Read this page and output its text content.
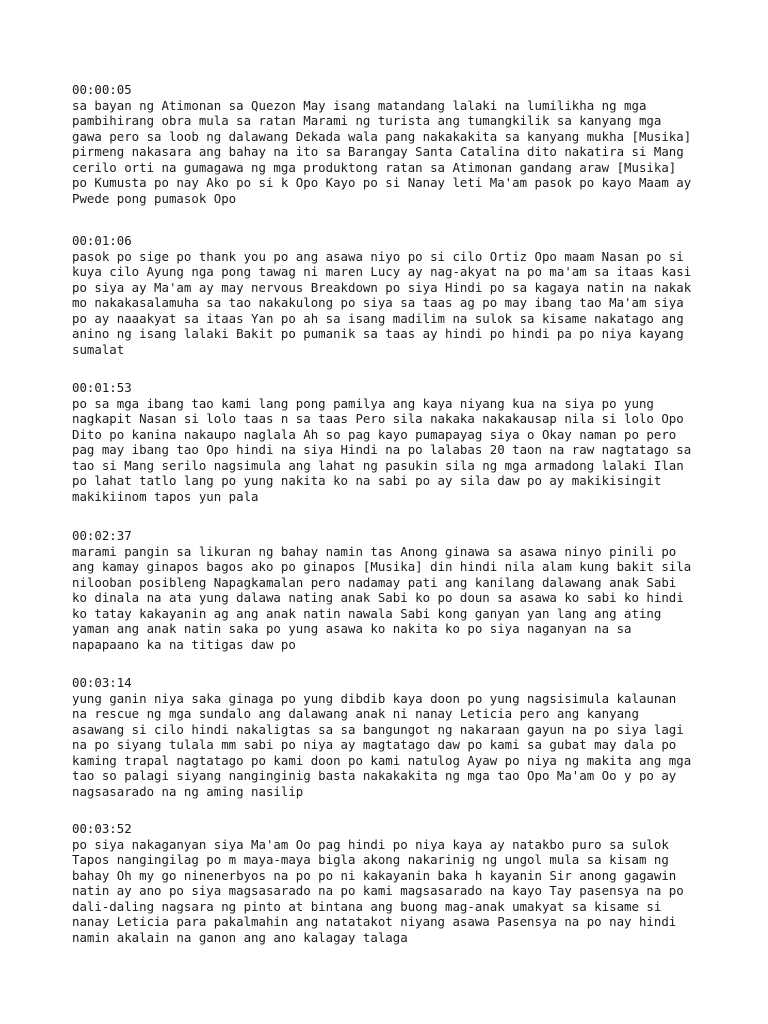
00:00:05
sa bayan ng Atimonan sa Quezon May isang matandang lalaki na lumilikha ng mga
pambihirang obra mula sa ratan Marami ng turista ang tumangkilik sa kanyang mga
gawa pero sa loob ng dalawang Dekada wala pang nakakakita sa kanyang mukha [Musika]
pirmeng nakasara ang bahay na ito sa Barangay Santa Catalina dito nakatira si Mang
cerilo orti na gumagawa ng mga produktong ratan sa Atimonan gandang araw [Musika]
po Kumusta po nay Ako po si k Opo Kayo po si Nanay leti Ma'am pasok po kayo Maam ay
Pwede pong pumasok Opo
00:01:06
pasok po sige po thank you po ang asawa niyo po si cilo Ortiz Opo maam Nasan po si
kuya cilo Ayung nga pong tawag ni maren Lucy ay nag-akyat na po ma'am sa itaas kasi
po siya ay Ma'am ay may nervous Breakdown po siya Hindi po sa kagaya natin na nakak
mo nakakasalamuha sa tao nakakulong po siya sa taas ag po may ibang tao Ma'am siya
po ay naaakyat sa itaas Yan po ah sa isang madilim na sulok sa kisame nakatago ang
anino ng isang lalaki Bakit po pumanik sa taas ay hindi po hindi pa po niya kayang
sumalat
00:01:53
po sa mga ibang tao kami lang pong pamilya ang kaya niyang kua na siya po yung
nagkapit Nasan si lolo taas n sa taas Pero sila nakaka nakakausap nila si lolo Opo
Dito po kanina nakaupo naglala Ah so pag kayo pumapayag siya o Okay naman po pero
pag may ibang tao Opo hindi na siya Hindi na po lalabas 20 taon na raw nagtatago sa
tao si Mang serilo nagsimula ang lahat ng pasukin sila ng mga armadong lalaki Ilan
po lahat tatlo lang po yung nakita ko na sabi po ay sila daw po ay makikisingit
makikiinom tapos yun pala
00:02:37
marami pangin sa likuran ng bahay namin tas Anong ginawa sa asawa ninyo pinili po
ang kamay ginapos bagos ako po ginapos [Musika] din hindi nila alam kung bakit sila
nilooban posibleng Napagkamalan pero nadamay pati ang kanilang dalawang anak Sabi
ko dinala na ata yung dalawa nating anak Sabi ko po doun sa asawa ko sabi ko hindi
ko tatay kakayanin ag ang anak natin nawala Sabi kong ganyan yan lang ang ating
yaman ang anak natin saka po yung asawa ko nakita ko po siya naganyan na sa
napapaano ka na titigas daw po
00:03:14
yung ganin niya saka ginaga po yung dibdib kaya doon po yung nagsisimula kalaunan
na rescue ng mga sundalo ang dalawang anak ni nanay Leticia pero ang kanyang
asawang si cilo hindi nakaligtas sa sa bangungot ng nakaraan gayun na po siya lagi
na po siyang tulala mm sabi po niya ay magtatago daw po kami sa gubat may dala po
kaming trapal nagtatago po kami doon po kami natulog Ayaw po niya ng makita ang mga
tao so palagi siyang nanginginig basta nakakakita ng mga tao Opo Ma'am Oo y po ay
nagsasarado na ng aming nasilip
00:03:52
po siya nakaganyan siya Ma'am Oo pag hindi po niya kaya ay natakbo puro sa sulok
Tapos nangingilag po m maya-maya bigla akong nakarinig ng ungol mula sa kisam ng
bahay Oh my go ninenerbyos na po po ni kakayanin baka h kayanin Sir anong gagawin
natin ay ano po siya magsasarado na po kami magsasarado na kayo Tay pasensya na po
dali-daling nagsara ng pinto at bintana ang buong mag-anak umakyat sa kisame si
nanay Leticia para pakalmahin ang natatakot niyang asawa Pasensya na po nay hindi
namin akalain na ganon ang ano kalagay talaga
